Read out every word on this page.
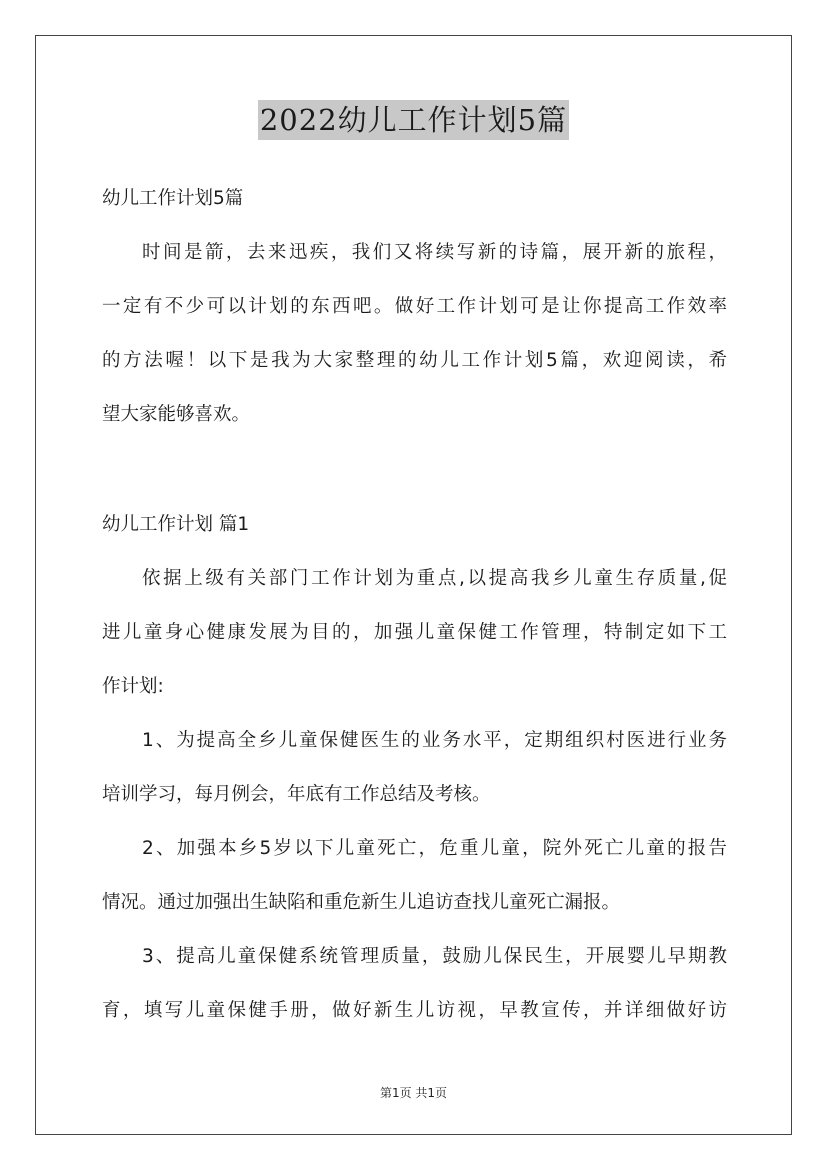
2022幼儿工作计划5篇
幼儿工作计划5篇
时间是箭，去来迅疾，我们又将续写新的诗篇，展开新的旅程，
一定有不少可以计划的东西吧。做好工作计划可是让你提高工作效率
的方法喔！以下是我为大家整理的幼儿工作计划5篇，欢迎阅读，希
望大家能够喜欢。
幼儿工作计划 篇1
依据上级有关部门工作计划为重点,以提高我乡儿童生存质量,促
进儿童身心健康发展为目的，加强儿童保健工作管理，特制定如下工
作计划:
1、为提高全乡儿童保健医生的业务水平，定期组织村医进行业务
培训学习，每月例会，年底有工作总结及考核。
2、加强本乡5岁以下儿童死亡，危重儿童，院外死亡儿童的报告
情况。通过加强出生缺陷和重危新生儿追访查找儿童死亡漏报。
3、提高儿童保健系统管理质量，鼓励儿保民生，开展婴儿早期教
育，填写儿童保健手册，做好新生儿访视，早教宣传，并详细做好访
第1页 共1页
